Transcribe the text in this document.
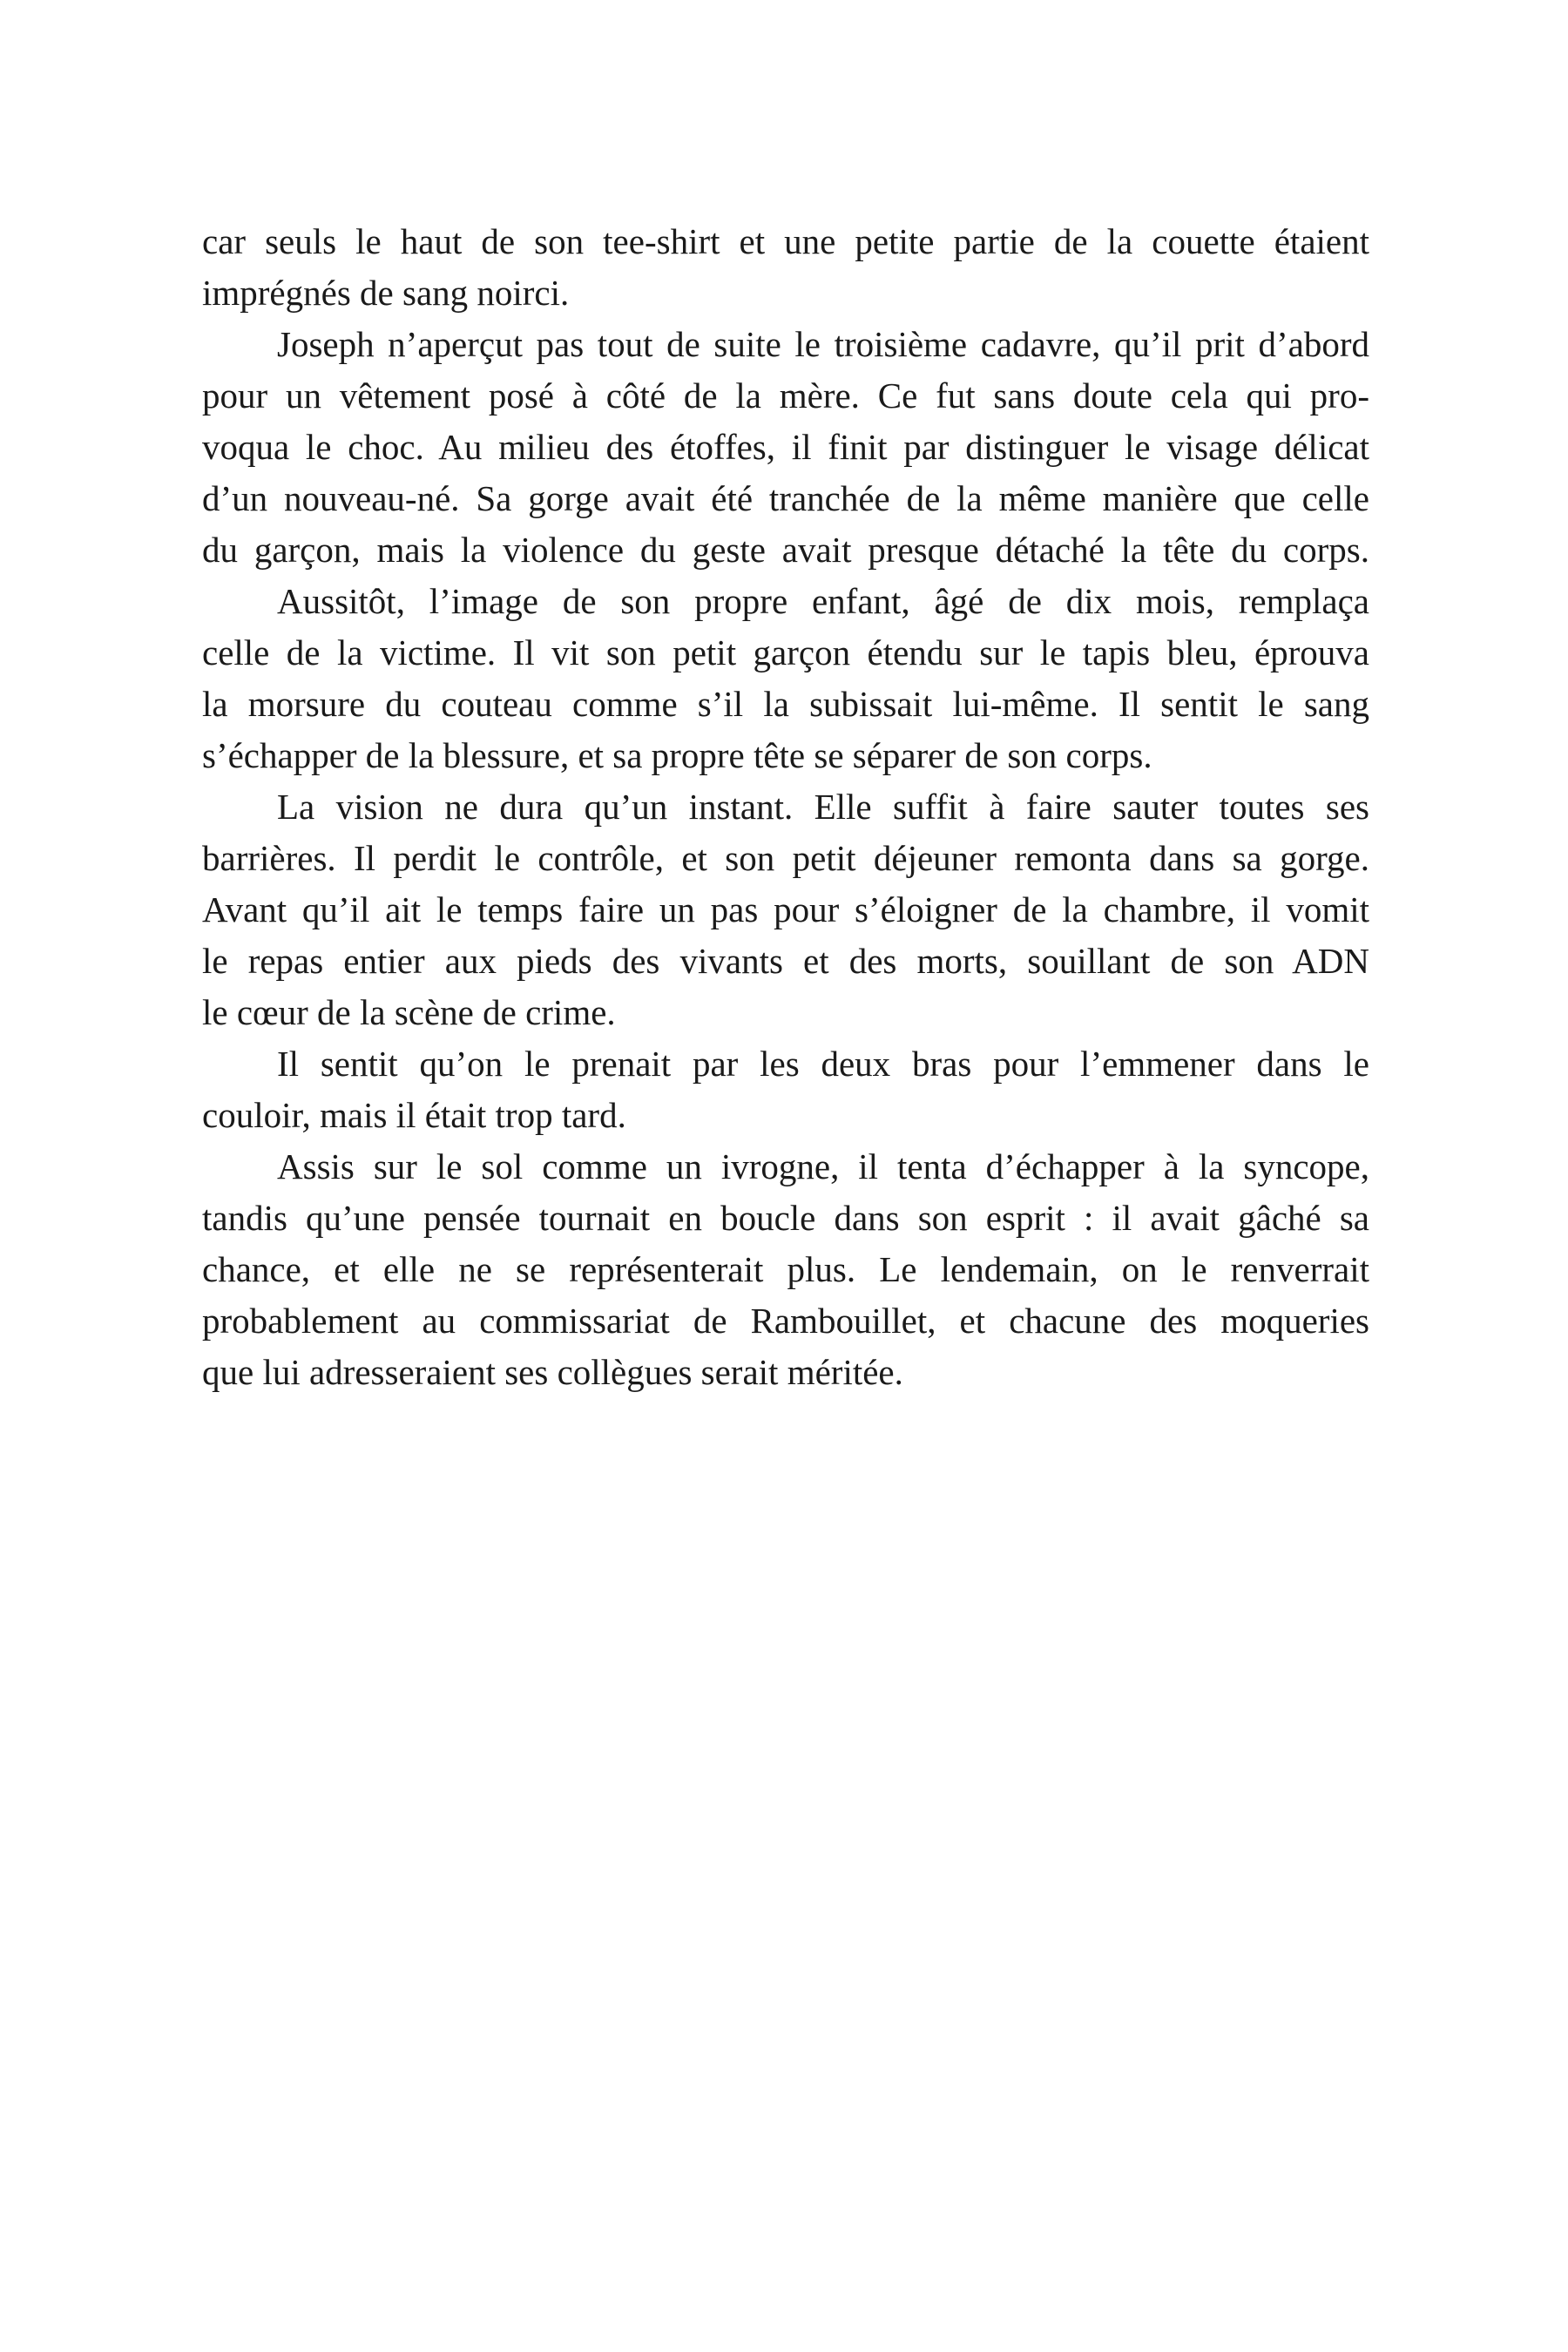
car seuls le haut de son tee-shirt et une petite partie de la couette étaient
imprégnés de sang noirci.
Joseph n’aperçut pas tout de suite le troisième cadavre, qu’il prit d’abord
pour un vêtement posé à côté de la mère. Ce fut sans doute cela qui pro-
voqua le choc. Au milieu des étoffes, il finit par distinguer le visage délicat
d’un nouveau-né. Sa gorge avait été tranchée de la même manière que celle
du garçon, mais la violence du geste avait presque détaché la tête du corps.
Aussitôt, l’image de son propre enfant, âgé de dix mois, remplaça
celle de la victime. Il vit son petit garçon étendu sur le tapis bleu, éprouva
la morsure du couteau comme s’il la subissait lui-même. Il sentit le sang
s’échapper de la blessure, et sa propre tête se séparer de son corps.
La vision ne dura qu’un instant. Elle suffit à faire sauter toutes ses
barrières. Il perdit le contrôle, et son petit déjeuner remonta dans sa gorge.
Avant qu’il ait le temps faire un pas pour s’éloigner de la chambre, il vomit
le repas entier aux pieds des vivants et des morts, souillant de son ADN
le cœur de la scène de crime.
Il sentit qu’on le prenait par les deux bras pour l’emmener dans le
couloir, mais il était trop tard.
Assis sur le sol comme un ivrogne, il tenta d’échapper à la syncope,
tandis qu’une pensée tournait en boucle dans son esprit : il avait gâché sa
chance, et elle ne se représenterait plus. Le lendemain, on le renverrait
probablement au commissariat de Rambouillet, et chacune des moqueries
que lui adresseraient ses collègues serait méritée.
